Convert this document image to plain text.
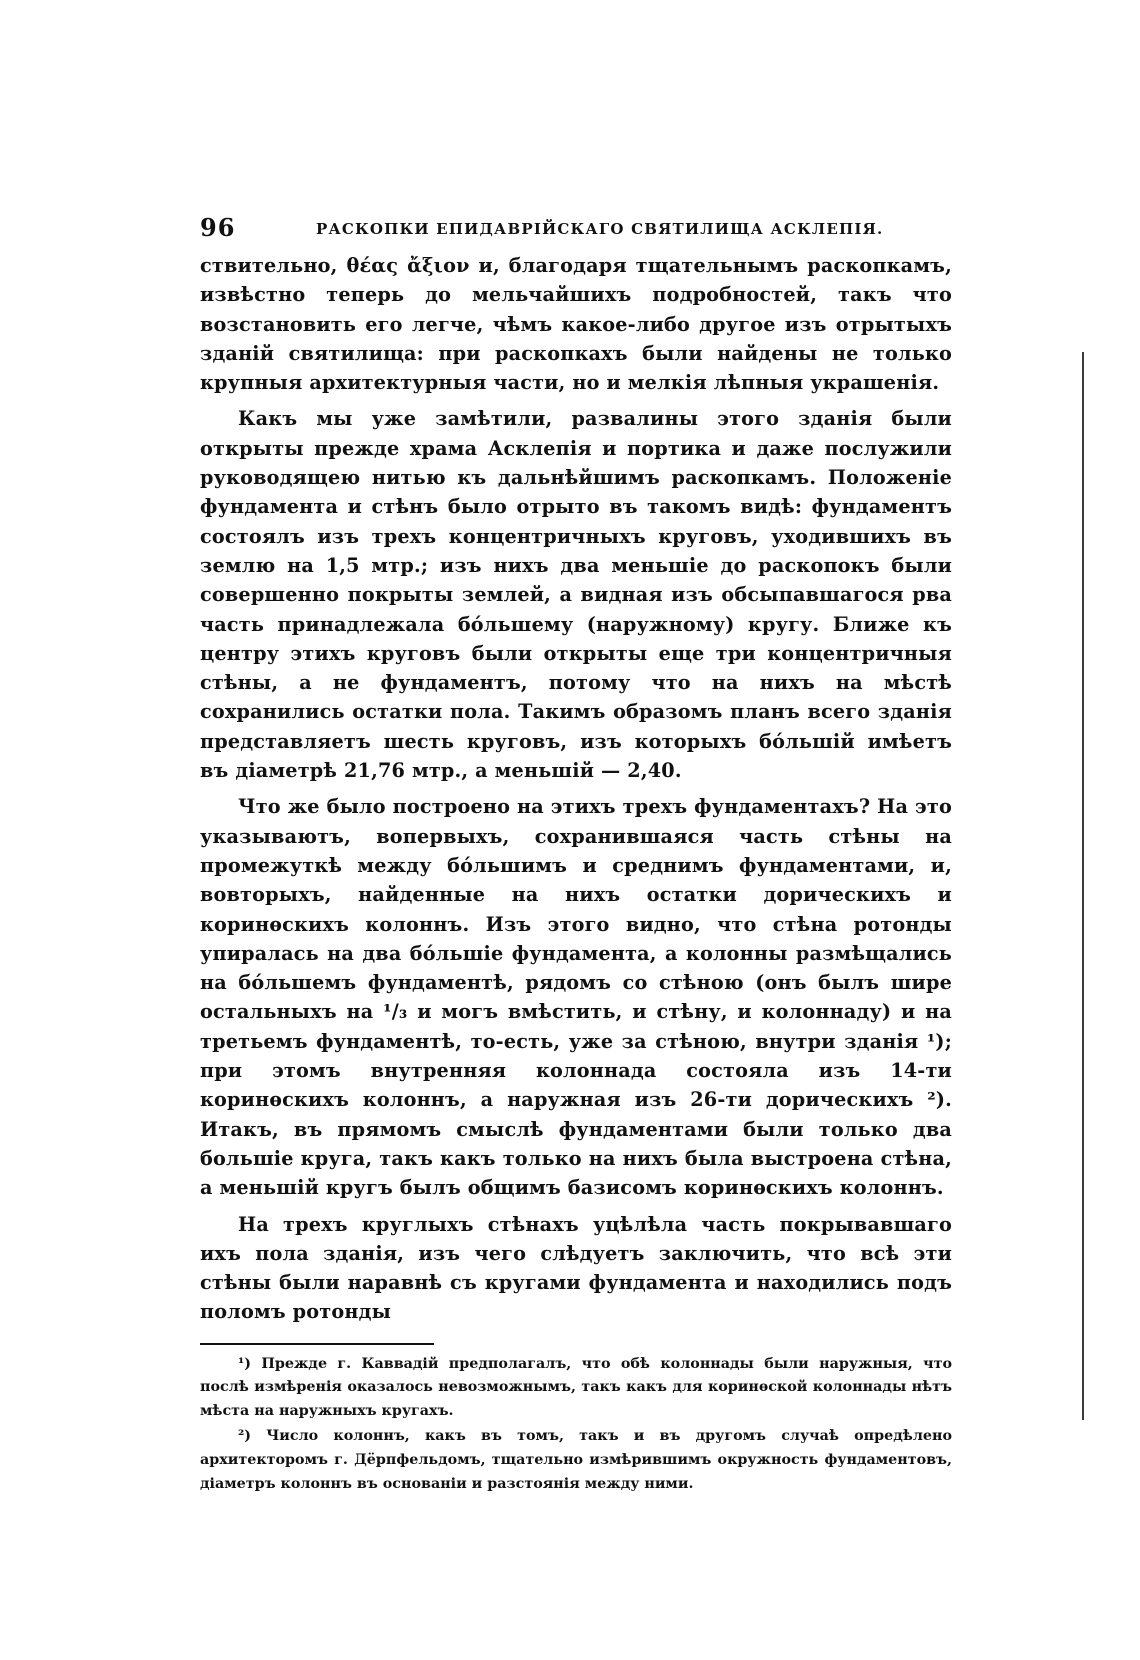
96	РАСКОПКИ ЕПИДАВРІЙСКАГО СВЯТИЛИЩА АСКЛЕПІЯ.

ствительно, θέας ἄξιον и, благодаря тщательнымъ раскопкамъ, извѣстно теперь до мельчайшихъ подробностей, такъ что возстановить его легче, чѣмъ какое-либо другое изъ отрытыхъ зданій святилища: при раскопкахъ были найдены не только крупныя архитектурныя части, но и мелкія лѣпныя украшенія.

Какъ мы уже замѣтили, развалины этого зданія были открыты прежде храма Асклепія и портика и даже послужили руководящею нитью къ дальнѣйшимъ раскопкамъ. Положеніе фундамента и стѣнъ было отрыто въ такомъ видѣ: фундаментъ состоялъ изъ трехъ концентричныхъ круговъ, уходившихъ въ землю на 1,5 мтр.; изъ нихъ два меньшіе до раскопокъ были совершенно покрыты землей, а видная изъ обсыпавшагося рва часть принадлежала бо́льшему (наружному) кругу. Ближе къ центру этихъ круговъ были открыты еще три концентричныя стѣны, а не фундаментъ, потому что на нихъ на мѣстѣ сохранились остатки пола. Такимъ образомъ планъ всего зданія представляетъ шесть круговъ, изъ которыхъ бо́льшій имѣетъ въ діаметрѣ 21,76 мтр., а меньшій — 2,40.

Что же было построено на этихъ трехъ фундаментахъ? На это указываютъ, вопервыхъ, сохранившаяся часть стѣны на промежуткѣ между бо́льшимъ и среднимъ фундаментами, и, вовторыхъ, найденные на нихъ остатки дорическихъ и коринѳскихъ колоннъ. Изъ этого видно, что стѣна ротонды упиралась на два бо́льшіе фундамента, а колонны размѣщались на бо́льшемъ фундаментѣ, рядомъ со стѣною (онъ былъ шире остальныхъ на ¹/₃ и могъ вмѣстить, и стѣну, и колоннаду) и на третьемъ фундаментѣ, то-есть, уже за стѣною, внутри зданія ¹); при этомъ внутренняя колоннада состояла изъ 14-ти коринѳскихъ колоннъ, а наружная изъ 26-ти дорическихъ ²). Итакъ, въ прямомъ смыслѣ фундаментами были только два большіе круга, такъ какъ только на нихъ была выстроена стѣна, а меньшій кругъ былъ общимъ базисомъ коринѳскихъ колоннъ.

На трехъ круглыхъ стѣнахъ уцѣлѣла часть покрывавшаго ихъ пола зданія, изъ чего слѣдуетъ заключить, что всѣ эти стѣны были наравнѣ съ кругами фундамента и находились подъ поломъ ротонды

¹) Прежде г. Каввадій предполагалъ, что обѣ колоннады были наружныя, что послѣ измѣренія оказалось невозможнымъ, такъ какъ для коринѳской колоннады нѣтъ мѣста на наружныхъ кругахъ.

²) Число колоннъ, какъ въ томъ, такъ и въ другомъ случаѣ опредѣлено архитекторомъ г. Дёрпфельдомъ, тщательно измѣрившимъ окружность фундаментовъ, діаметръ колоннъ въ основаніи и разстоянія между ними.
